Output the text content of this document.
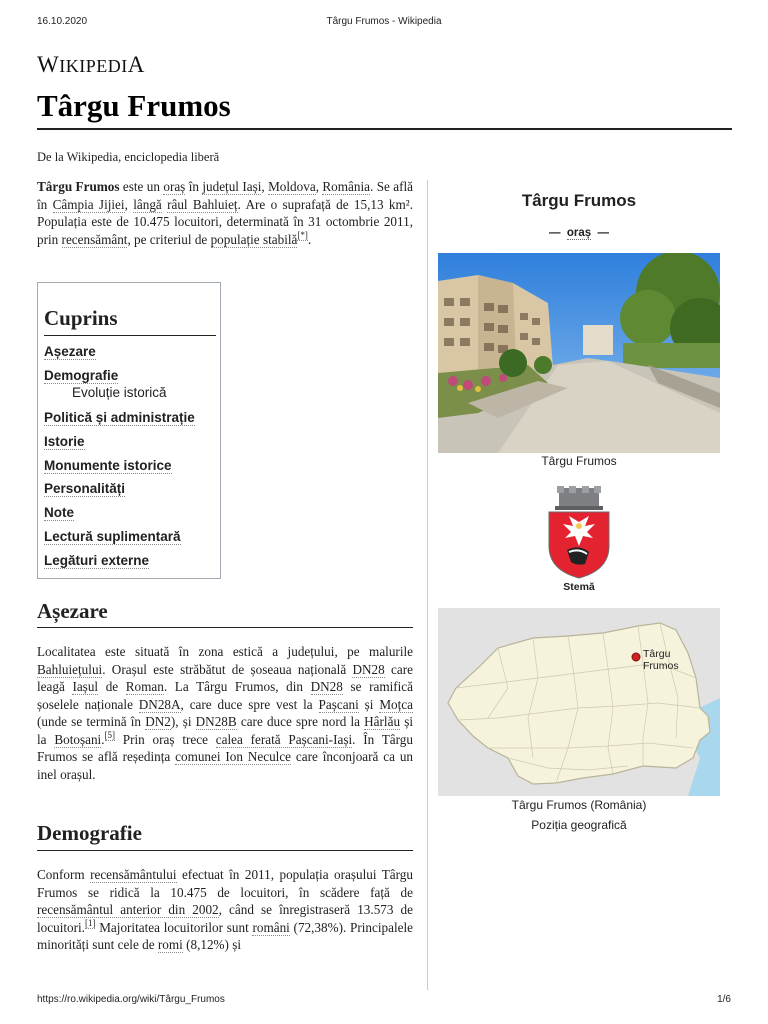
16.10.2020	Târgu Frumos - Wikipedia
WIKIPEDIA
Târgu Frumos
De la Wikipedia, enciclopedia liberă

Târgu Frumos este un oraș în județul Iași, Moldova, România. Se află în Câmpia Jijiei, lângă râul Bahluieț. Are o suprafață de 15,13 km². Populația este de 10.475 locuitori, determinată în 31 octombrie 2011, prin recensământ, pe criteriul de populație stabilă[*].

Cuprins
Așezare
Demografie
Evoluție istorică
Politică și administrație
Istorie
Monumente istorice
Personalități
Note
Lectură suplimentară
Legături externe
Așezare

Localitatea este situată în zona estică a județului, pe malurile Bahluiețului. Orașul este străbătut de șoseaua națională DN28 care leagă Iașul de Roman. La Târgu Frumos, din DN28 se ramifică șoselele naționale DN28A, care duce spre vest la Pașcani și Moțca (unde se termină în DN2), și DN28B care duce spre nord la Hârlău și la Botoșani.[5] Prin oraș trece calea ferată Pașcani-Iași. În Târgu Frumos se află reședința comunei Ion Neculce care înconjoară ca un inel orașul.

Demografie

Conform recensământului efectuat în 2011, populația orașului Târgu Frumos se ridică la 10.475 de locuitori, în scădere față de recensământul anterior din 2002, când se înregistraseră 13.573 de locuitori.[1] Majoritatea locuitorilor sunt români (72,38%). Principalele minorități sunt cele de romi (8,12%) și

Târgu Frumos
— oraș —
Târgu Frumos
Stemă
Târgu Frumos
Târgu Frumos (România)
Poziția geografică
https://ro.wikipedia.org/wiki/Târgu_Frumos	1/6
